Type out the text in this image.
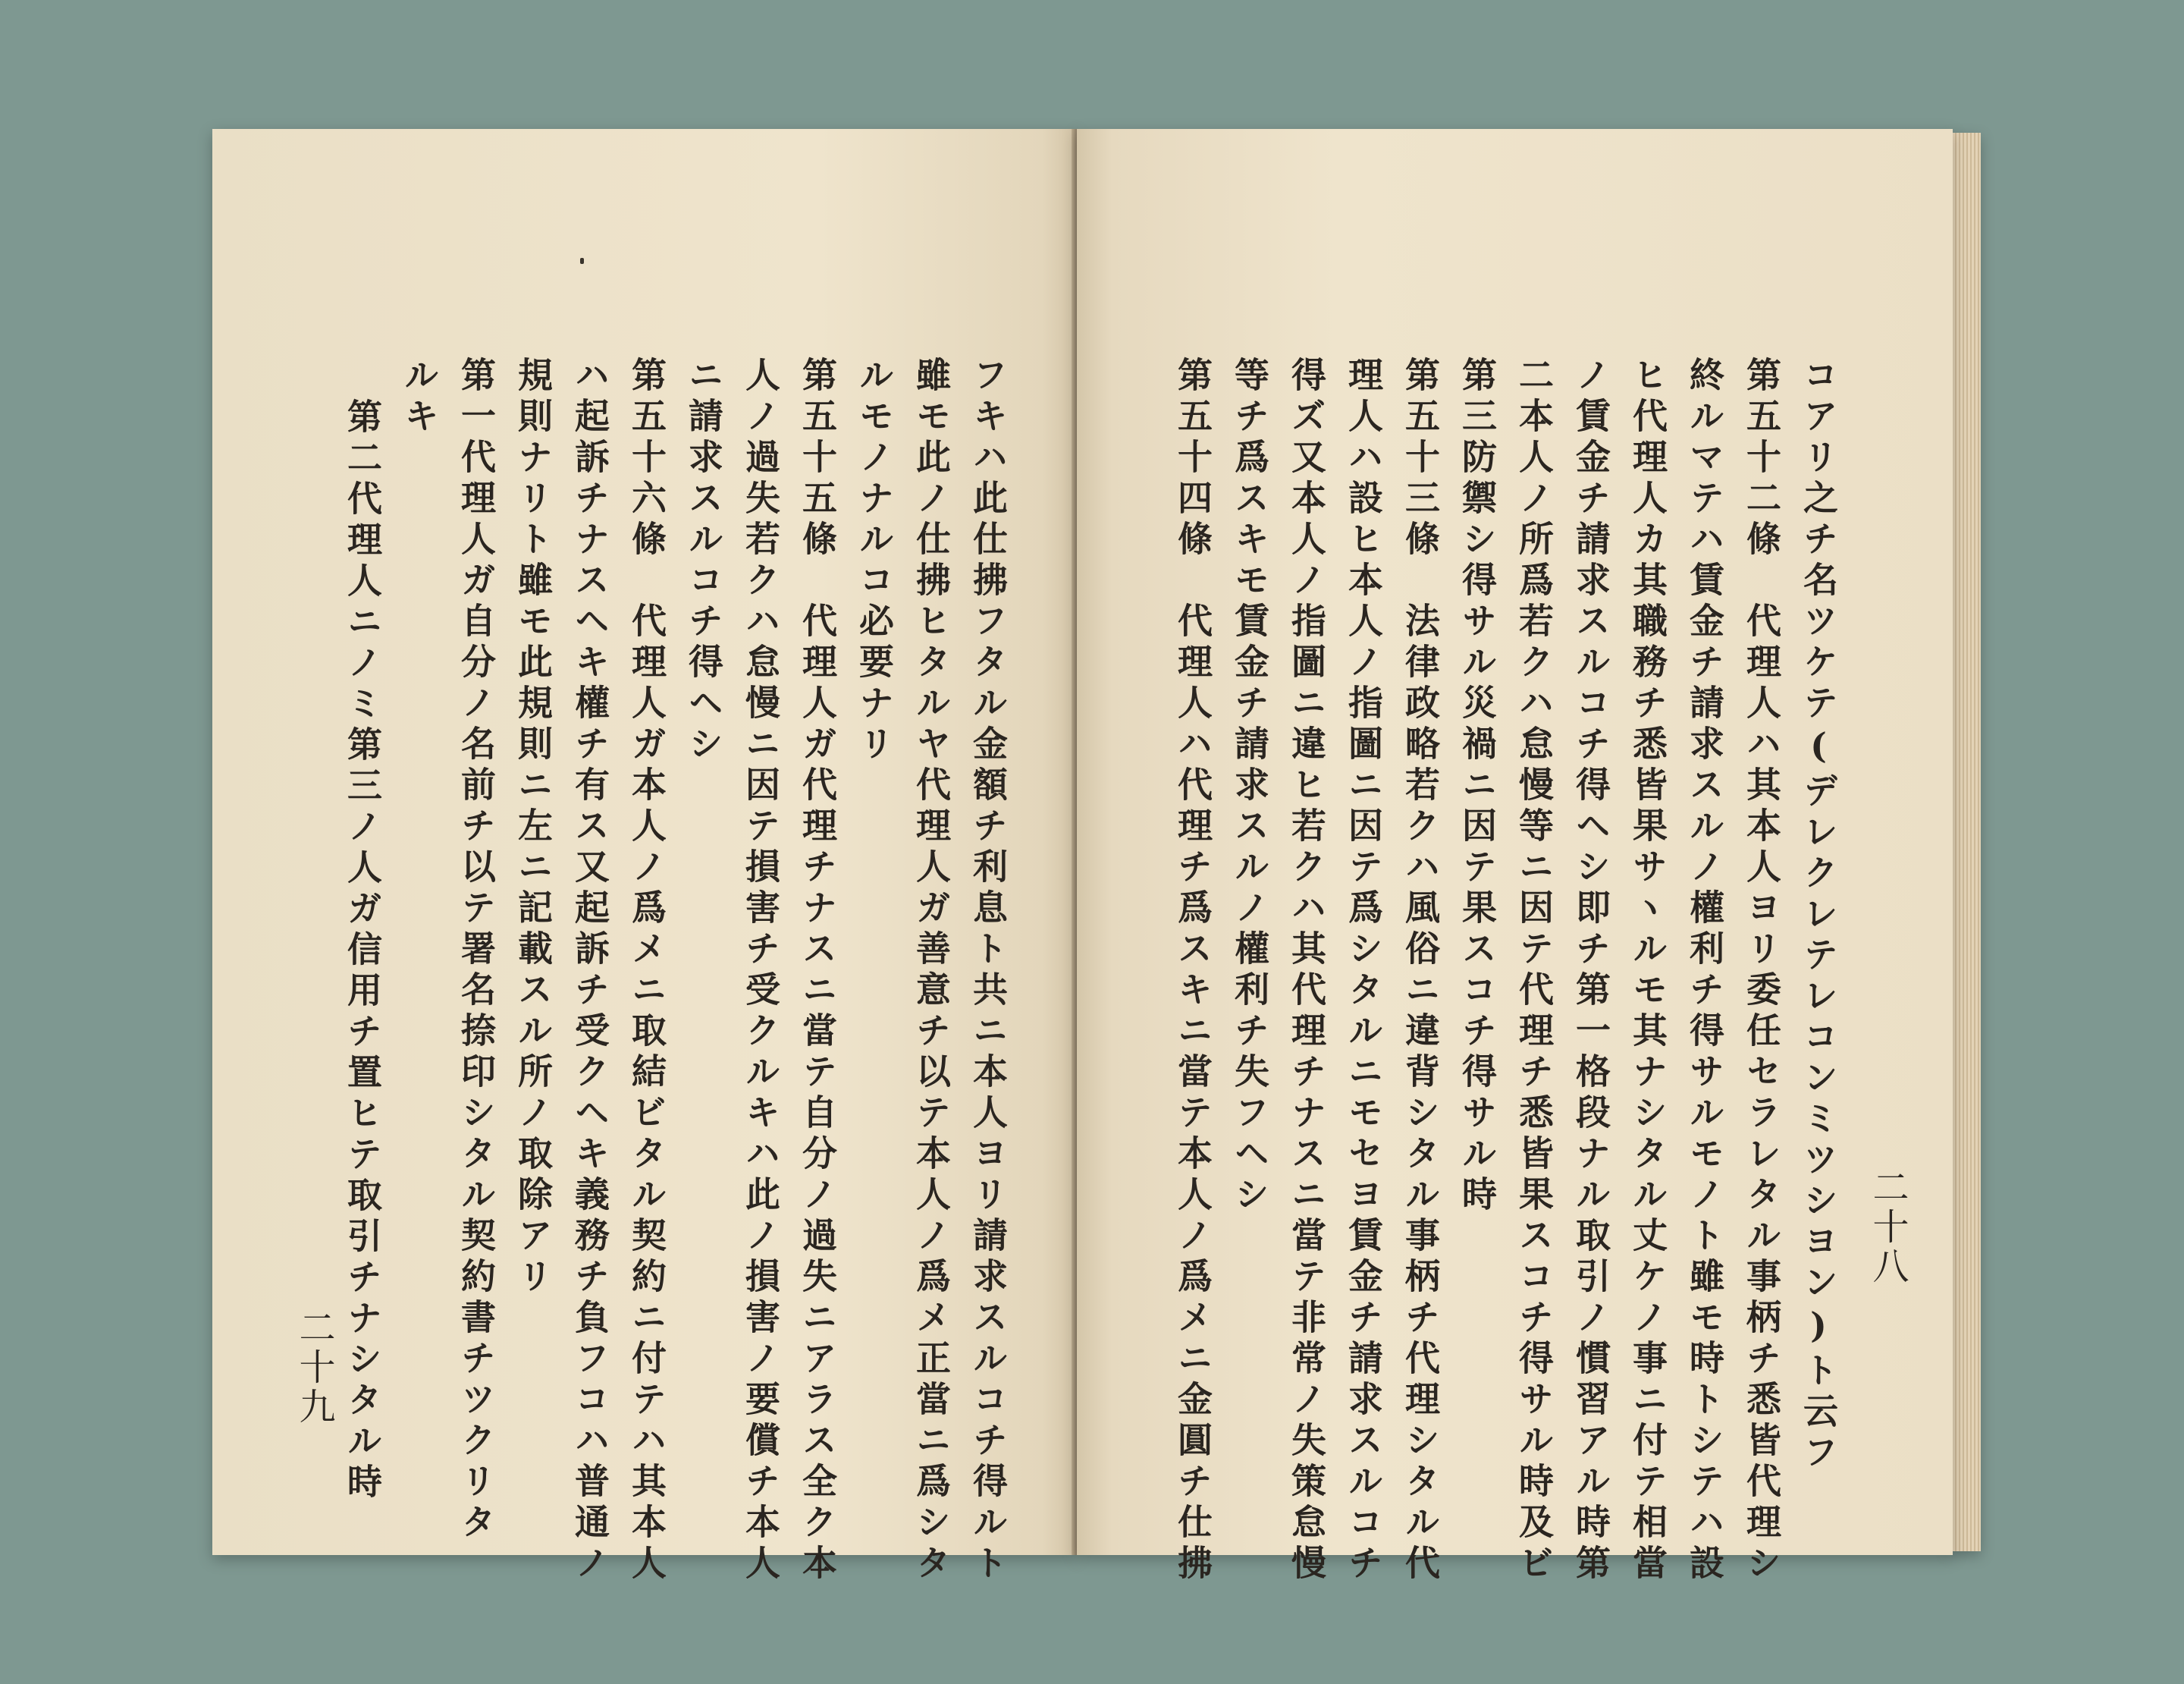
フキハ此仕拂フタル金額チ利息ト共ニ本人ヨリ請求スルコチ得ルト
雖モ此ノ仕拂ヒタルヤ代理人ガ善意チ以テ本人ノ爲メ正當ニ爲シタ
ルモノナルコ必要ナリ
第五十五條　代理人ガ代理チナスニ當テ自分ノ過失ニアラス全ク本
人ノ過失若クハ怠慢ニ因テ損害チ受クルキハ此ノ損害ノ要償チ本人
ニ請求スルコチ得ヘシ
第五十六條　代理人ガ本人ノ爲メニ取結ビタル契約ニ付テハ其本人
ハ起訴チナスヘキ權チ有ス又起訴チ受クヘキ義務チ負フコハ普通ノ
規則ナリト雖モ此規則ニ左ニ記載スル所ノ取除アリ
第一代理人ガ自分ノ名前チ以テ署名捺印シタル契約書チツクリタ
ルキ
第二代理人ニノミ第三ノ人ガ信用チ置ヒテ取引チナシタル時
二十九
二十八
コアリ之チ名ツケテ(デレクレテレコンミツシヨン)ト云フ
第五十二條　代理人ハ其本人ヨリ委任セラレタル事柄チ悉皆代理シ
終ルマテハ賃金チ請求スルノ權利チ得サルモノト雖モ時トシテハ設
ヒ代理人カ其職務チ悉皆果サヽルモ其ナシタル丈ケノ事ニ付テ相當
ノ賃金チ請求スルコチ得ヘシ即チ第一格段ナル取引ノ慣習アル時第
二本人ノ所爲若クハ怠慢等ニ因テ代理チ悉皆果スコチ得サル時及ビ
第三防禦シ得サル災禍ニ因テ果スコチ得サル時
第五十三條　法律政略若クハ風俗ニ違背シタル事柄チ代理シタル代
理人ハ設ヒ本人ノ指圖ニ因テ爲シタルニモセヨ賃金チ請求スルコチ
得ズ又本人ノ指圖ニ違ヒ若クハ其代理チナスニ當テ非常ノ失策怠慢
等チ爲スキモ賃金チ請求スルノ權利チ失フヘシ
第五十四條　代理人ハ代理チ爲スキニ當テ本人ノ爲メニ金圓チ仕拂
